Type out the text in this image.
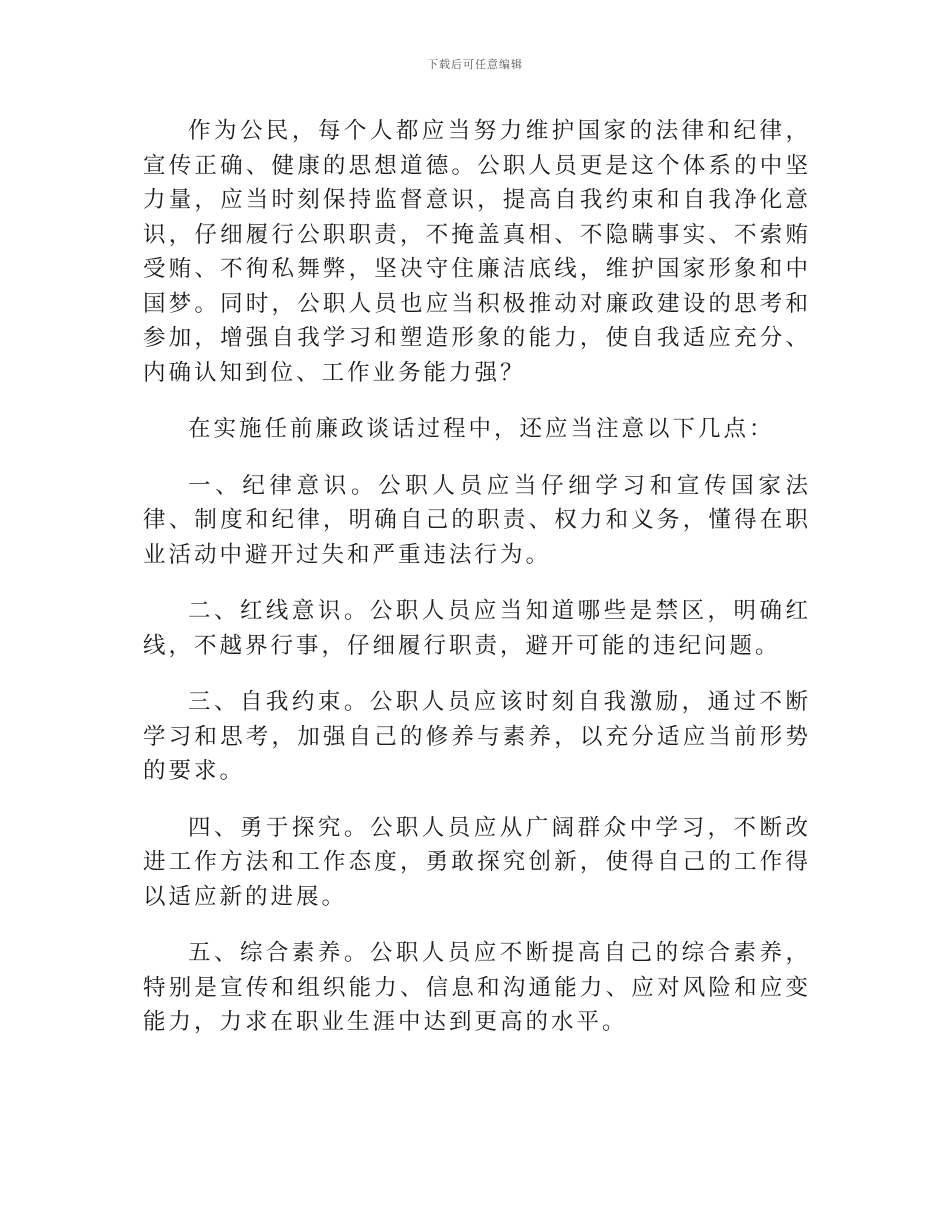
下载后可任意编辑

作为公民，每个人都应当努力维护国家的法律和纪律，宣传正确、健康的思想道德。公职人员更是这个体系的中坚力量，应当时刻保持监督意识，提高自我约束和自我净化意识，仔细履行公职职责，不掩盖真相、不隐瞒事实、不索贿受贿、不徇私舞弊，坚决守住廉洁底线，维护国家形象和中国梦。同时，公职人员也应当积极推动对廉政建设的思考和参加，增强自我学习和塑造形象的能力，使自我适应充分、内确认知到位、工作业务能力强？

在实施任前廉政谈话过程中，还应当注意以下几点：

一、纪律意识。公职人员应当仔细学习和宣传国家法律、制度和纪律，明确自己的职责、权力和义务，懂得在职业活动中避开过失和严重违法行为。

二、红线意识。公职人员应当知道哪些是禁区，明确红线，不越界行事，仔细履行职责，避开可能的违纪问题。

三、自我约束。公职人员应该时刻自我激励，通过不断学习和思考，加强自己的修养与素养，以充分适应当前形势的要求。

四、勇于探究。公职人员应从广阔群众中学习，不断改进工作方法和工作态度，勇敢探究创新，使得自己的工作得以适应新的进展。

五、综合素养。公职人员应不断提高自己的综合素养，特别是宣传和组织能力、信息和沟通能力、应对风险和应变能力，力求在职业生涯中达到更高的水平。
